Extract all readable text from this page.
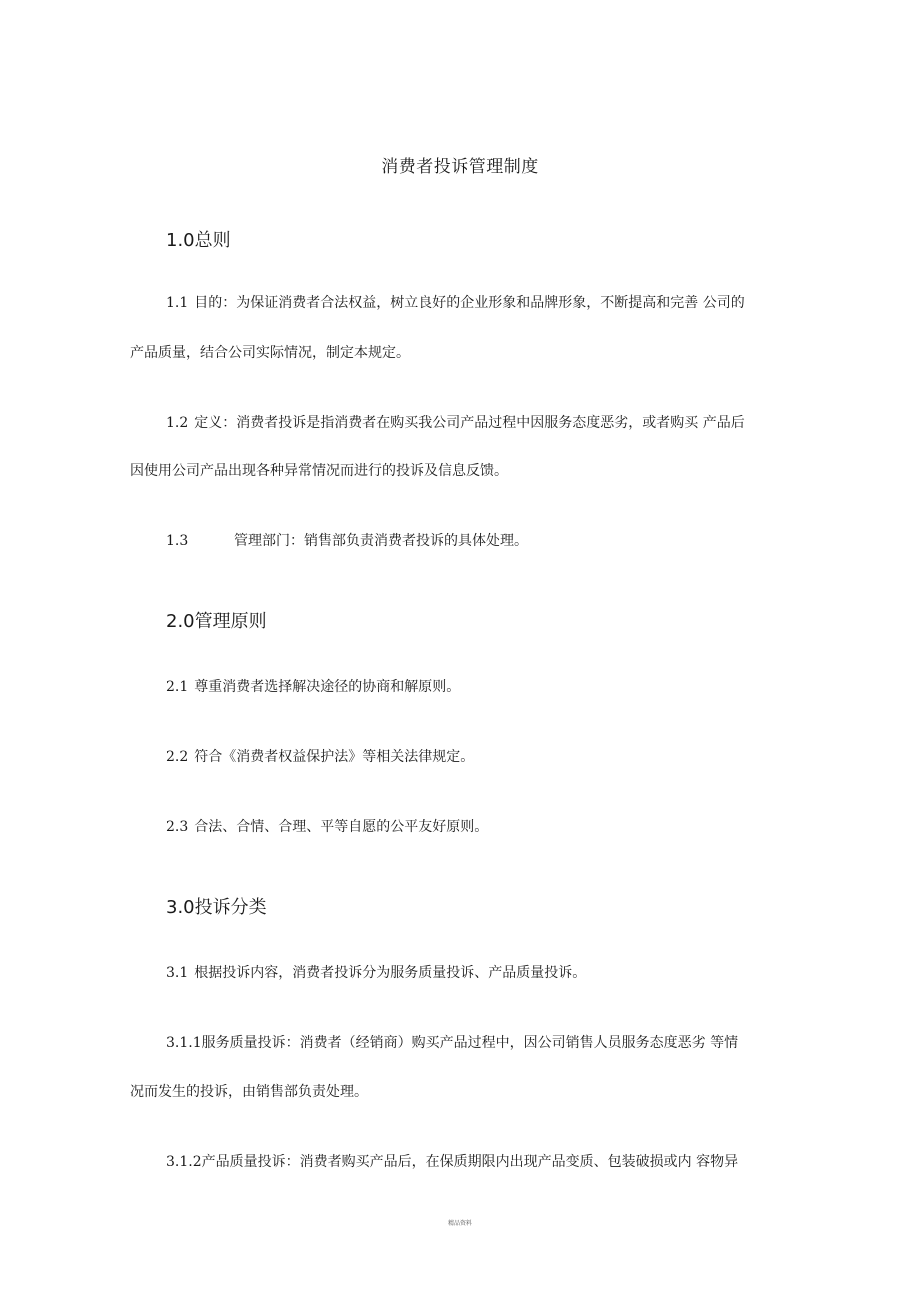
消费者投诉管理制度
1.0总则
1.1 目的：为保证消费者合法权益，树立良好的企业形象和品牌形象，不断提高和完善 公司的
产品质量，结合公司实际情况，制定本规定。
1.2 定义：消费者投诉是指消费者在购买我公司产品过程中因服务态度恶劣，或者购买 产品后
因使用公司产品出现各种异常情况而进行的投诉及信息反馈。
1.3	管理部门：销售部负责消费者投诉的具体处理。
2.0管理原则
2.1 尊重消费者选择解决途径的协商和解原则。
2.2 符合《消费者权益保护法》等相关法律规定。
2.3 合法、合情、合理、平等自愿的公平友好原则。
3.0投诉分类
3.1 根据投诉内容，消费者投诉分为服务质量投诉、产品质量投诉。
3.1.1服务质量投诉：消费者（经销商）购买产品过程中，因公司销售人员服务态度恶劣 等情
况而发生的投诉，由销售部负责处理。
3.1.2产品质量投诉：消费者购买产品后，在保质期限内出现产品变质、包装破损或内 容物异
精品资料
